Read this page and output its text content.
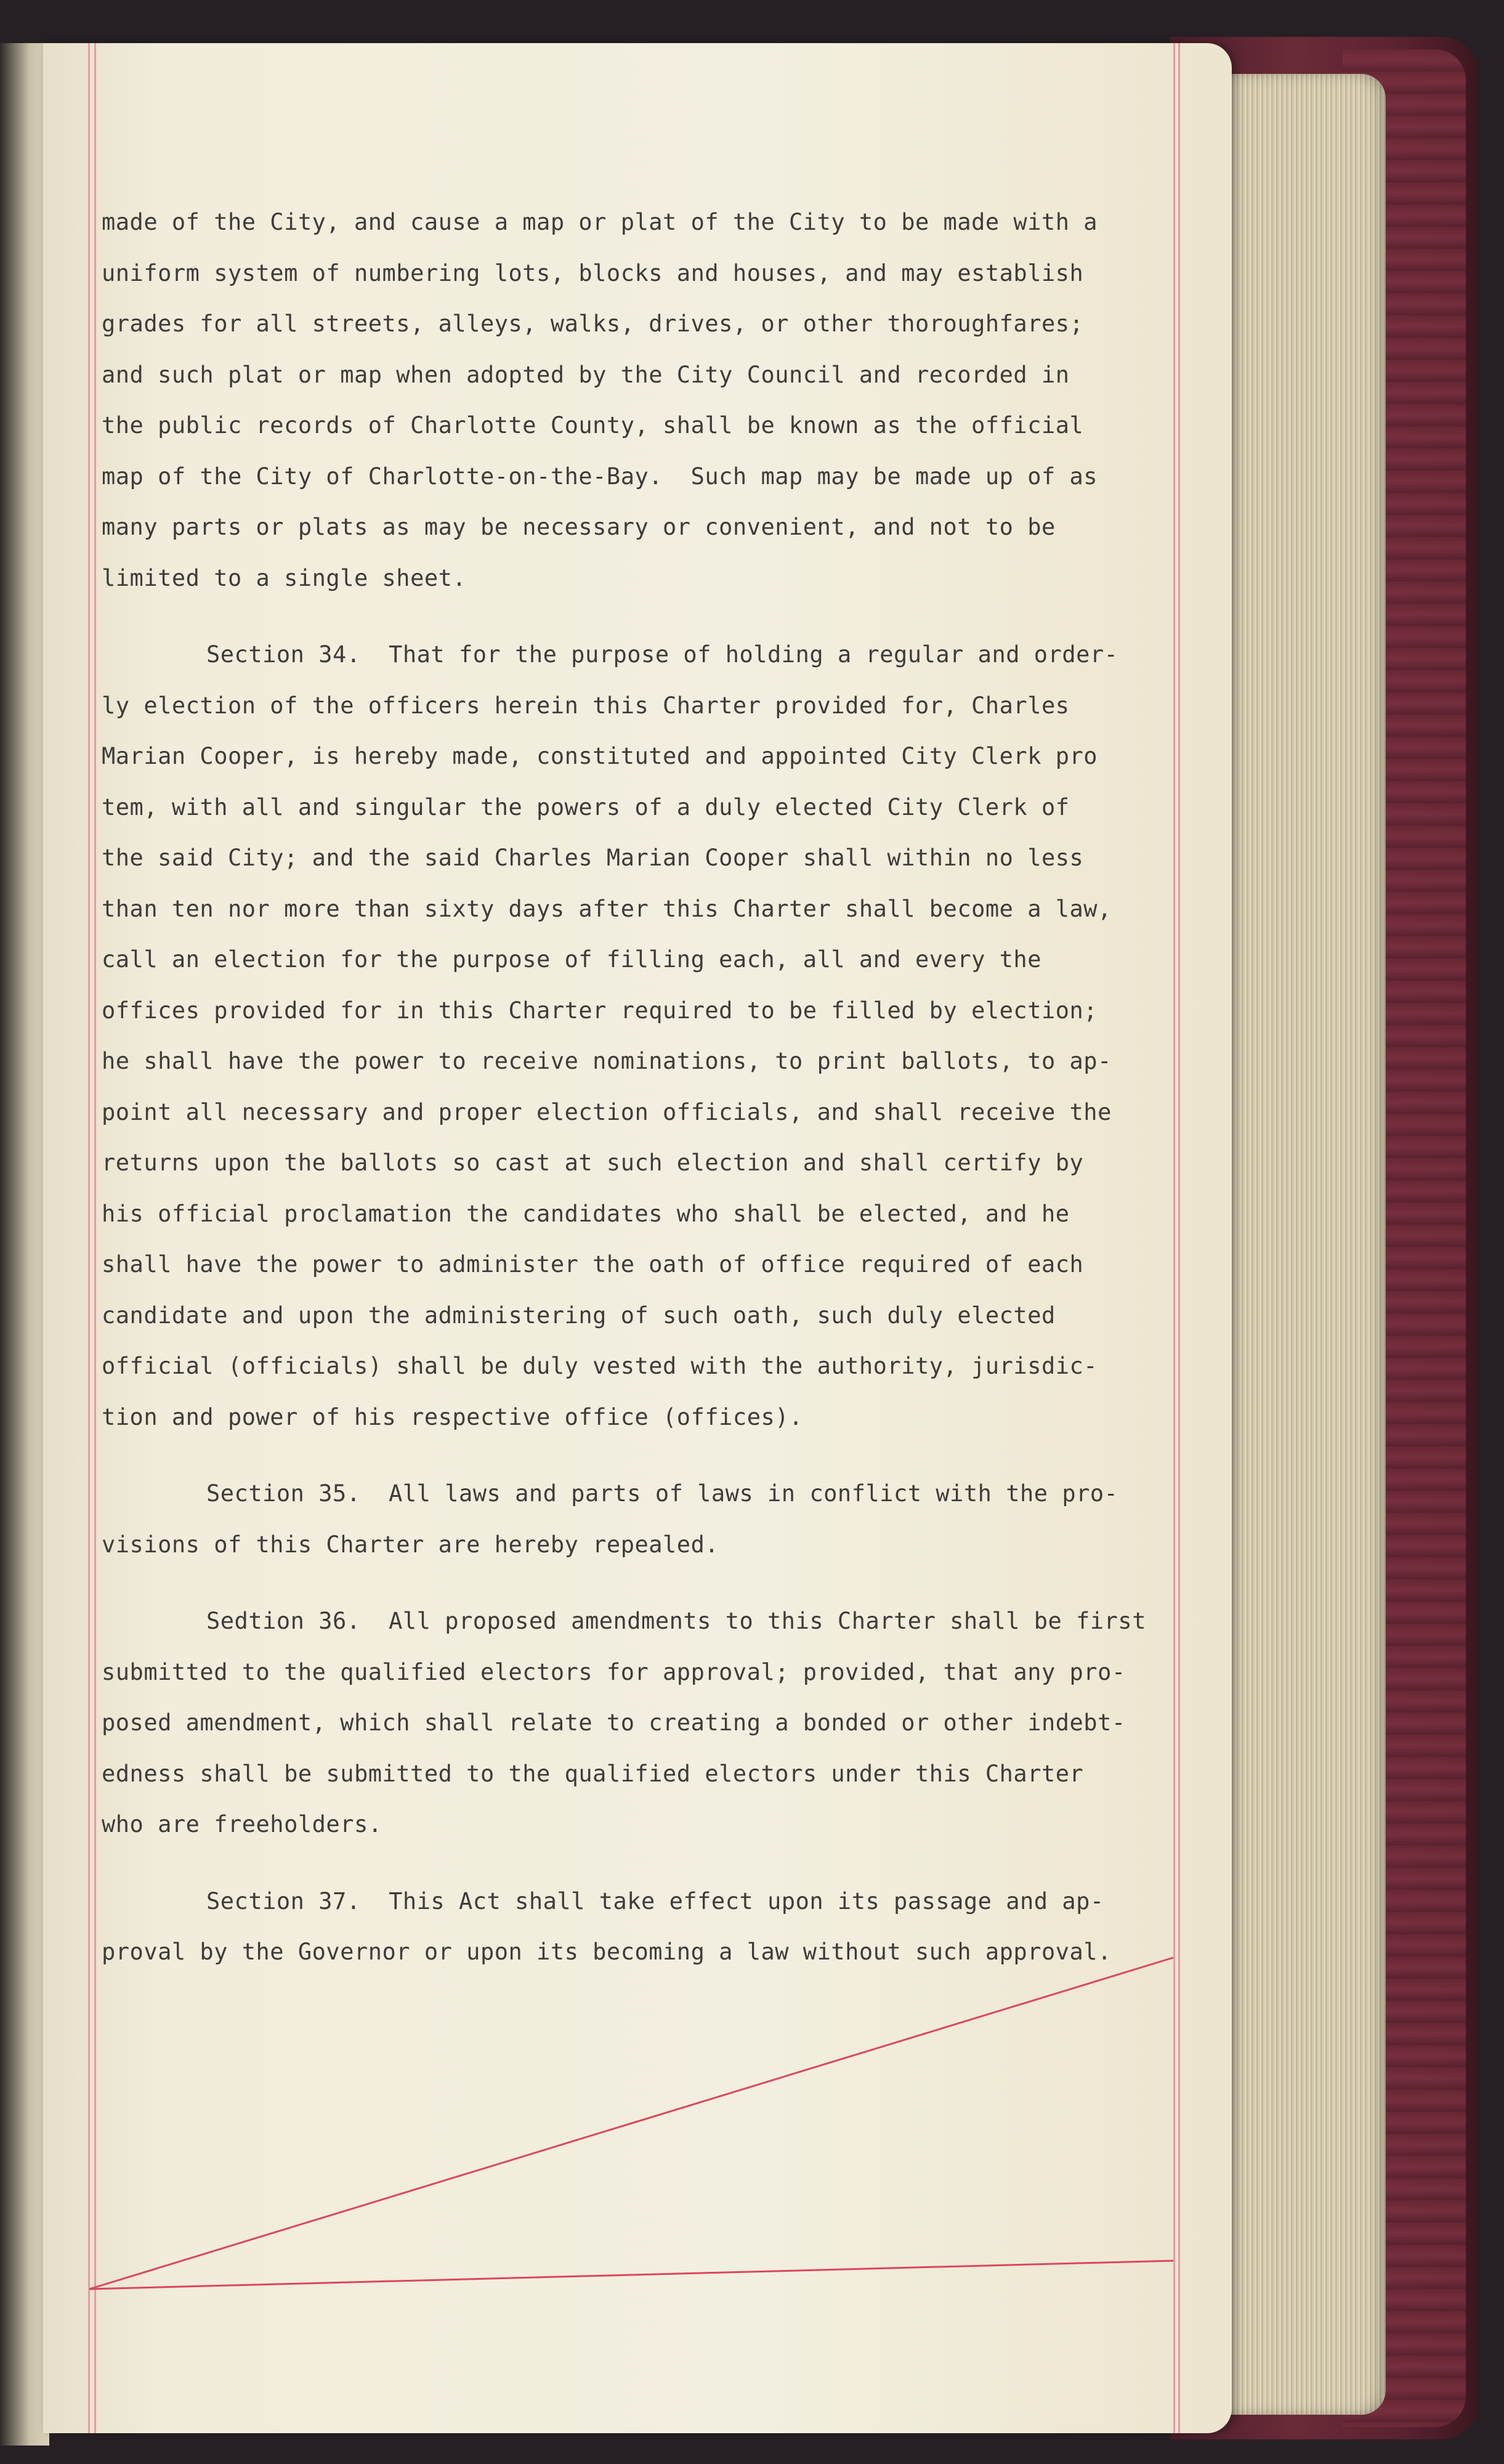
made of the City, and cause a map or plat of the City to be made with a
uniform system of numbering lots, blocks and houses, and may establish
grades for all streets, alleys, walks, drives, or other thoroughfares;
and such plat or map when adopted by the City Council and recorded in
the public records of Charlotte County, shall be known as the official
map of the City of Charlotte-on-the-Bay.  Such map may be made up of as
many parts or plats as may be necessary or convenient, and not to be
limited to a single sheet.
Section 34.  That for the purpose of holding a regular and order-
ly election of the officers herein this Charter provided for, Charles
Marian Cooper, is hereby made, constituted and appointed City Clerk pro
tem, with all and singular the powers of a duly elected City Clerk of
the said City; and the said Charles Marian Cooper shall within no less
than ten nor more than sixty days after this Charter shall become a law,
call an election for the purpose of filling each, all and every the
offices provided for in this Charter required to be filled by election;
he shall have the power to receive nominations, to print ballots, to ap-
point all necessary and proper election officials, and shall receive the
returns upon the ballots so cast at such election and shall certify by
his official proclamation the candidates who shall be elected, and he
shall have the power to administer the oath of office required of each
candidate and upon the administering of such oath, such duly elected
official (officials) shall be duly vested with the authority, jurisdic-
tion and power of his respective office (offices).
Section 35.  All laws and parts of laws in conflict with the pro-
visions of this Charter are hereby repealed.
Sedtion 36.  All proposed amendments to this Charter shall be first
submitted to the qualified electors for approval; provided, that any pro-
posed amendment, which shall relate to creating a bonded or other indebt-
edness shall be submitted to the qualified electors under this Charter
who are freeholders.
Section 37.  This Act shall take effect upon its passage and ap-
proval by the Governor or upon its becoming a law without such approval.
